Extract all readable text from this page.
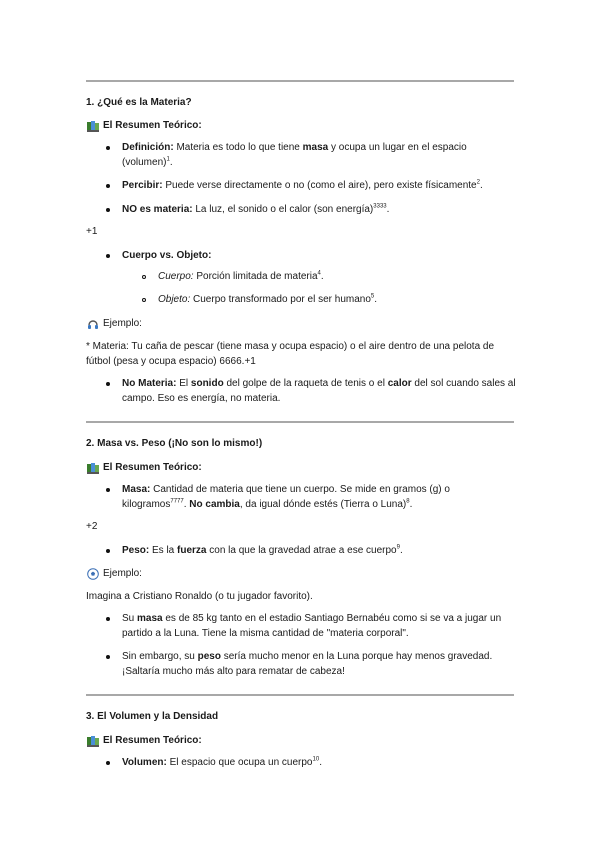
1. ¿Qué es la Materia?
El Resumen Teórico:
Definición: Materia es todo lo que tiene masa y ocupa un lugar en el espacio
(volumen)$^1$.
Percibir: Puede verse directamente o no (como el aire), pero existe físicamente$^2$.
NO es materia: La luz, el sonido o el calor (son energía)$^{3333}$.
+1
Cuerpo vs. Objeto:
Cuerpo: Porción limitada de materia$^4$.
Objeto: Cuerpo transformado por el ser humano$^5$.
Ejemplo:
* Materia: Tu caña de pescar (tiene masa y ocupa espacio) o el aire dentro de una pelota de
fútbol (pesa y ocupa espacio) 6666.+1
No Materia: El sonido del golpe de la raqueta de tenis o el calor del sol cuando sales al
campo. Eso es energía, no materia.
2. Masa vs. Peso (¡No son lo mismo!)
El Resumen Teórico:
Masa: Cantidad de materia que tiene un cuerpo. Se mide en gramos (g) o
kilogramos$^{7777}$. No cambia, da igual dónde estés (Tierra o Luna)$^8$.
+2
Peso: Es la fuerza con la que la gravedad atrae a ese cuerpo$^9$.
Ejemplo:
Imagina a Cristiano Ronaldo (o tu jugador favorito).
Su masa es de 85 kg tanto en el estadio Santiago Bernabéu como si se va a jugar un
partido a la Luna. Tiene la misma cantidad de "materia corporal".
Sin embargo, su peso sería mucho menor en la Luna porque hay menos gravedad.
¡Saltaría mucho más alto para rematar de cabeza!
3. El Volumen y la Densidad
El Resumen Teórico:
Volumen: El espacio que ocupa un cuerpo$^{10}$.
